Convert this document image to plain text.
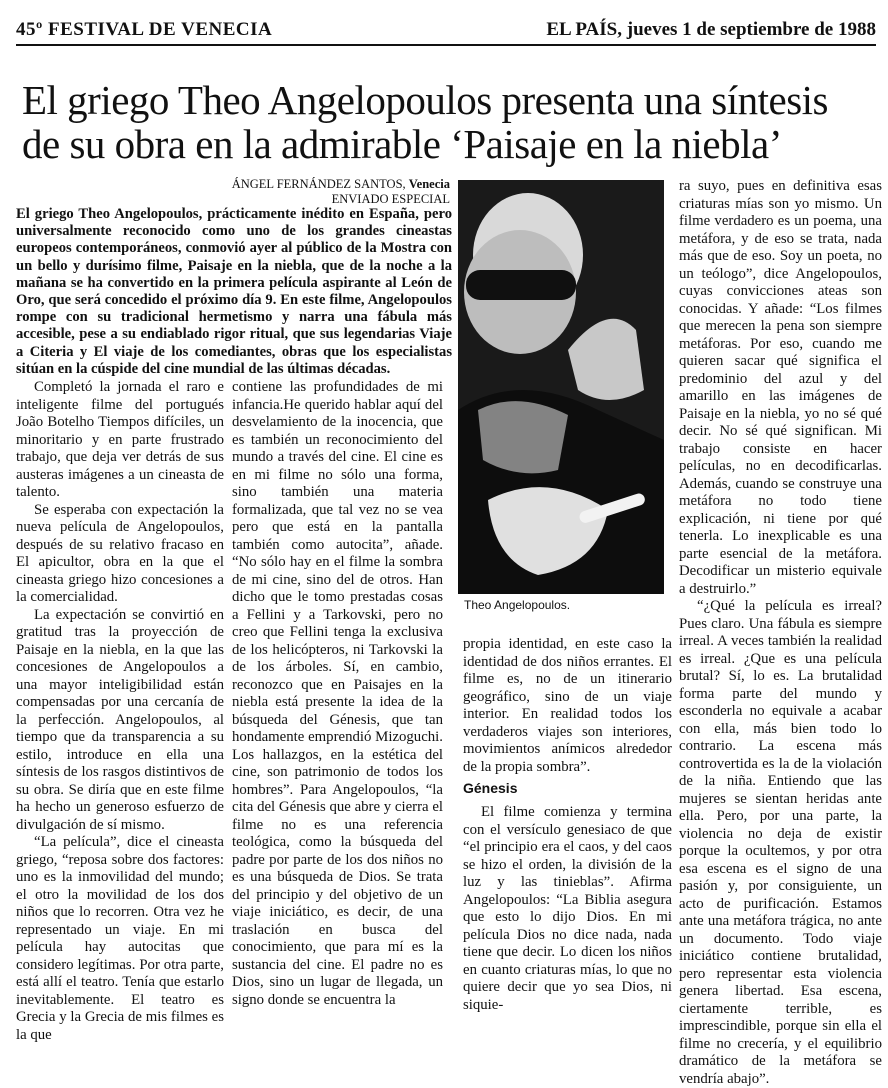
45º FESTIVAL DE VENECIA	EL PAÍS, jueves 1 de septiembre de 1988
El griego Theo Angelopoulos presenta una síntesis
de su obra en la admirable ‘Paisaje en la niebla’
ÁNGEL FERNÁNDEZ SANTOS, Venecia
ENVIADO ESPECIAL
El griego Theo Angelopoulos, prácticamente inédito en España, pero universalmente reconocido como uno de los grandes cineastas europeos contemporáneos, conmovió ayer al público de la Mostra con un bello y durísimo filme, Paisaje en la niebla, que de la noche a la mañana se ha convertido en la primera película aspirante al León de Oro, que será concedido el próximo día 9. En este filme, Angelopoulos rompe con su tradicional hermetismo y narra una fábula más accesible, pese a su endiablado rigor ritual, que sus legendarias Viaje a Citeria y El viaje de los comediantes, obras que los especialistas sitúan en la cúspide del cine mundial de las últimas décadas.

Completó la jornada el raro e inteligente filme del portugués João Botelho Tiempos difíciles, un minoritario y en parte frustrado trabajo, que deja ver detrás de sus austeras imágenes a un cineasta de talento.

Se esperaba con expectación la nueva película de Angelopoulos, después de su relativo fracaso en El apicultor, obra en la que el cineasta griego hizo concesiones a la comercialidad.

La expectación se convirtió en gratitud tras la proyección de Paisaje en la niebla, en la que las concesiones de Angelopoulos a una mayor inteligibilidad están compensadas por una cercanía de la perfección. Angelopoulos, al tiempo que da transparencia a su estilo, introduce en ella una síntesis de los rasgos distintivos de su obra. Se diría que en este filme ha hecho un generoso esfuerzo de divulgación de sí mismo.

“La película”, dice el cineasta griego, “reposa sobre dos factores: uno es la inmovilidad del mundo; el otro la movilidad de los dos niños que lo recorren. Otra vez he representado un viaje. En mi película hay autocitas que considero legítimas. Por otra parte, está allí el teatro. Tenía que estarlo inevitablemente. El teatro es Grecia y la Grecia de mis filmes es la que

contiene las profundidades de mi infancia.He querido hablar aquí del desvelamiento de la inocencia, que es también un reconocimiento del mundo a través del cine. El cine es en mi filme no sólo una forma, sino también una materia formalizada, que tal vez no se vea pero que está en la pantalla también como autocita”, añade. “No sólo hay en el filme la sombra de mi cine, sino del de otros. Han dicho que le tomo prestadas cosas a Fellini y a Tarkovski, pero no creo que Fellini tenga la exclusiva de los helicópteros, ni Tarkovski la de los árboles. Sí, en cambio, reconozco que en Paisajes en la niebla está presente la idea de la búsqueda del Génesis, que tan hondamente emprendió Mizoguchi. Los hallazgos, en la estética del cine, son patrimonio de todos los hombres”. Para Angelopoulos, “la cita del Génesis que abre y cierra el filme no es una referencia teológica, como la búsqueda del padre por parte de los dos niños no es una búsqueda de Dios. Se trata del principio y del objetivo de un viaje iniciático, es decir, de una traslación en busca del conocimiento, que para mí es la sustancia del cine. El padre no es Dios, sino un lugar de llegada, un signo donde se encuentra la

Theo Angelopoulos.

propia identidad, en este caso la identidad de dos niños errantes. El filme es, no de un itinerario geográfico, sino de un viaje interior. En realidad todos los verdaderos viajes son interiores, movimientos anímicos alrededor de la propia sombra”.

Génesis

El filme comienza y termina con el versículo genesiaco de que “el principio era el caos, y del caos se hizo el orden, la división de la luz y las tinieblas”. Afirma Angelopoulos: “La Biblia asegura que esto lo dijo Dios. En mi película Dios no dice nada, nada tiene que decir. Lo dicen los niños en cuanto criaturas mías, lo que no quiere decir que yo sea Dios, ni siquie-

ra suyo, pues en definitiva esas criaturas mías son yo mismo. Un filme verdadero es un poema, una metáfora, y de eso se trata, nada más que de eso. Soy un poeta, no un teólogo”, dice Angelopoulos, cuyas convicciones ateas son conocidas. Y añade: “Los filmes que merecen la pena son siempre metáforas. Por eso, cuando me quieren sacar qué significa el predominio del azul y del amarillo en las imágenes de Paisaje en la niebla, yo no sé qué decir. No sé qué significan. Mi trabajo consiste en hacer películas, no en decodificarlas. Además, cuando se construye una metáfora no todo tiene explicación, ni tiene por qué tenerla. Lo inexplicable es una parte esencial de la metáfora. Decodificar un misterio equivale a destruirlo.”

“¿Qué la película es irreal? Pues claro. Una fábula es siempre irreal. A veces también la realidad es irreal. ¿Que es una película brutal? Sí, lo es. La brutalidad forma parte del mundo y esconderla no equivale a acabar con ella, más bien todo lo contrario. La escena más controvertida es la de la violación de la niña. Entiendo que las mujeres se sientan heridas ante ella. Pero, por una parte, la violencia no deja de existir porque la ocultemos, y por otra esa escena es el signo de una pasión y, por consiguiente, un acto de purificación. Estamos ante una metáfora trágica, no ante un documento. Todo viaje iniciático contiene brutalidad, pero representar esta violencia genera libertad. Esa escena, ciertamente terrible, es imprescindible, porque sin ella el filme no crecería, y el equilibrio dramático de la metáfora se vendría abajo”.
